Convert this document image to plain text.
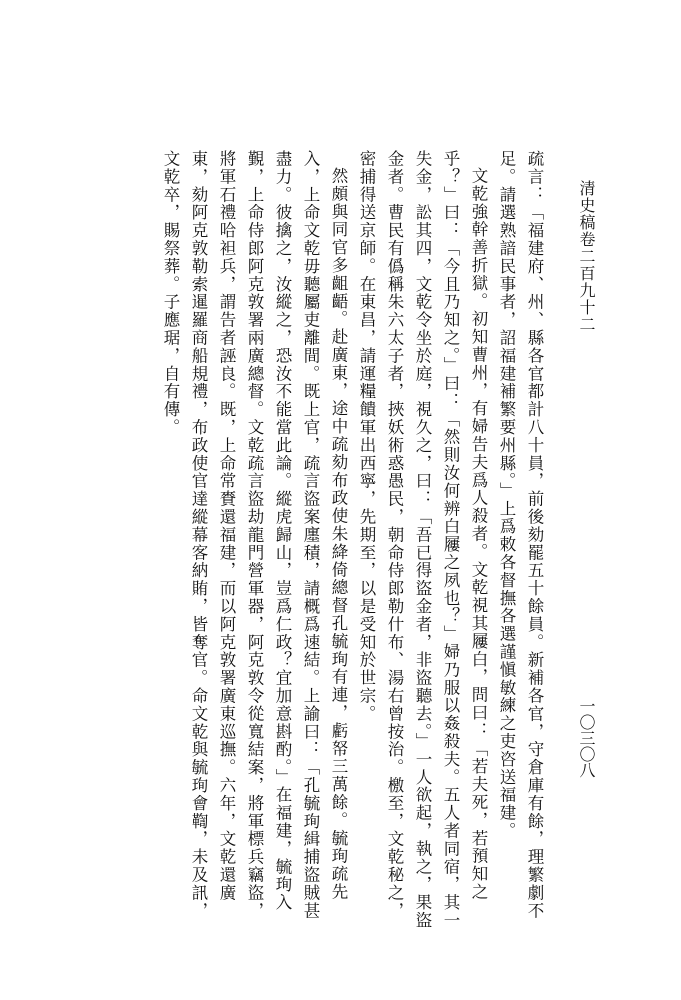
清史稿卷二百九十二
一〇三〇八

疏言：「福建府、州、縣各官都計八十員，前後劾罷五十餘員。新補各官，守倉庫有餘，理繁劇不足。請選熟諳民事者，詔福建補繁要州縣。」上爲敕各督撫各選謹愼敏練之吏咨送福建。

文乾強幹善折獄。初知曹州，有婦告夫爲人殺者。文乾視其屨白，問曰：「若夫死，若預知之乎？」曰：「今且乃知之。」曰：「然則汝何辨白屨之夙也？」婦乃服以姦殺夫。五人者同宿，其一失金，訟其四，文乾令坐於庭，視久之，曰：「吾已得盜金者，非盜聽去。」一人欲起，執之，果盜金者。曹民有僞稱朱六太子者，挾妖術惑愚民，朝命侍郎勒什布、湯右曾按治。檄至，文乾秘之，密捕得送京師。在東昌，請運糧饋軍出西寧，先期至，以是受知於世宗。

然頗與同官多齟齬。赴廣東，途中疏劾布政使朱絳倚總督孔毓珣有連，虧帑三萬餘。毓珣疏先入，上命文乾毋聽屬吏離間。既上官，疏言盜案廛積，請概爲速結。上諭曰：「孔毓珣緝捕盜賊甚盡力。彼擒之，汝縱之，恐汝不能當此論。縱虎歸山，豈爲仁政？宜加意斟酌。」在福建，毓珣入覲，上命侍郎阿克敦署兩廣總督。文乾疏言盜劫龍門營軍器，阿克敦令從寬結案，將軍標兵竊盜，將軍石禮哈袒兵，謂告者誣良。既，上命常賚還福建，而以阿克敦署廣東巡撫。六年，文乾還廣東，劾阿克敦勒索暹羅商船規禮，布政使官達縱幕客納賄，皆奪官。命文乾與毓珣會鞫，未及訊，文乾卒，賜祭葬。子應琚，自有傳。
